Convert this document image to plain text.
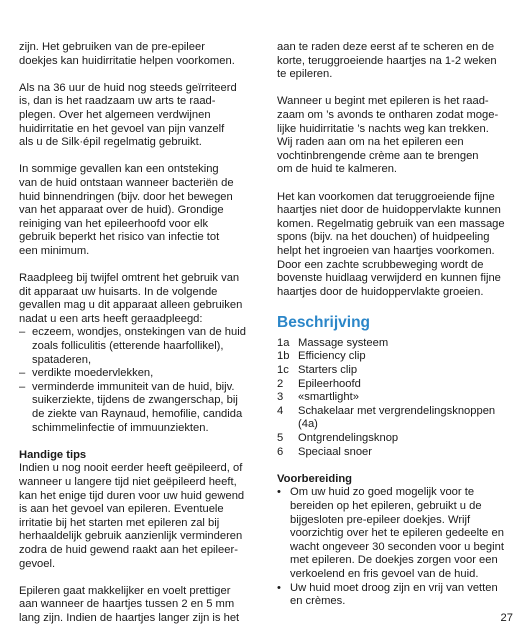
zijn. Het gebruiken van de pre-epileer
doekjes kan huidirritatie helpen voorkomen.

Als na 36 uur de huid nog steeds geïrriteerd
is, dan is het raadzaam uw arts te raad-
plegen. Over het algemeen verdwijnen
huidirritatie en het gevoel van pijn vanzelf
als u de Silk·épil regelmatig gebruikt.

In sommige gevallen kan een ontsteking
van de huid ontstaan wanneer bacteriën de
huid binnendringen (bijv. door het bewegen
van het apparaat over de huid). Grondige
reiniging van het epileerhoofd voor elk
gebruik beperkt het risico van infectie tot
een minimum.

Raadpleeg bij twijfel omtrent het gebruik van
dit apparaat uw huisarts. In de volgende
gevallen mag u dit apparaat alleen gebruiken
nadat u een arts heeft geraadpleegd:
– eczeem, wondjes, onstekingen van de huid
zoals folliculitis (etterende haarfollikel),
spataderen,
– verdikte moedervlekken,
– verminderde immuniteit van de huid, bijv.
suikerziekte, tijdens de zwangerschap, bij
de ziekte van Raynaud, hemofilie, candida
schimmelinfectie of immuunziekten.
Handige tips

Indien u nog nooit eerder heeft geëpileerd, of
wanneer u langere tijd niet geëpileerd heeft,
kan het enige tijd duren voor uw huid gewend
is aan het gevoel van epileren. Eventuele
irritatie bij het starten met epileren zal bij
herhaaldelijk gebruik aanzienlijk verminderen
zodra de huid gewend raakt aan het epileer-
gevoel.

Epileren gaat makkelijker en voelt prettiger
aan wanneer de haartjes tussen 2 en 5 mm
lang zijn. Indien de haartjes langer zijn is het

aan te raden deze eerst af te scheren en de
korte, teruggroeiende haartjes na 1-2 weken
te epileren.

Wanneer u begint met epileren is het raad-
zaam om ’s avonds te ontharen zodat moge-
lijke huidirritatie ’s nachts weg kan trekken.
Wij raden aan om na het epileren een
vochtinbrengende crème aan te brengen
om de huid te kalmeren.

Het kan voorkomen dat teruggroeiende fijne
haartjes niet door de huidoppervlakte kunnen
komen. Regelmatig gebruik van een massage
spons (bijv. na het douchen) of huidpeeling
helpt het ingroeien van haartjes voorkomen.
Door een zachte scrubbeweging wordt de
bovenste huidlaag verwijderd en kunnen fijne
haartjes door de huidoppervlakte groeien.

Beschrijving
1a Massage systeem
1b Efficiency clip
1c Starters clip
2	Epileerhoofd
3	«smartlight»
4	Schakelaar met vergrendelingsknoppen
(4a)
5	Ontgrendelingsknop
6	Speciaal snoer
Voorbereiding
• Om uw huid zo goed mogelijk voor te
bereiden op het epileren, gebruikt u de
bijgesloten pre-epileer doekjes. Wrijf
voorzichtig over het te epileren gedeelte en
wacht ongeveer 30 seconden voor u begint
met epileren. De doekjes zorgen voor een
verkoelend en fris gevoel van de huid.
• Uw huid moet droog zijn en vrij van vetten
en crèmes.
27
